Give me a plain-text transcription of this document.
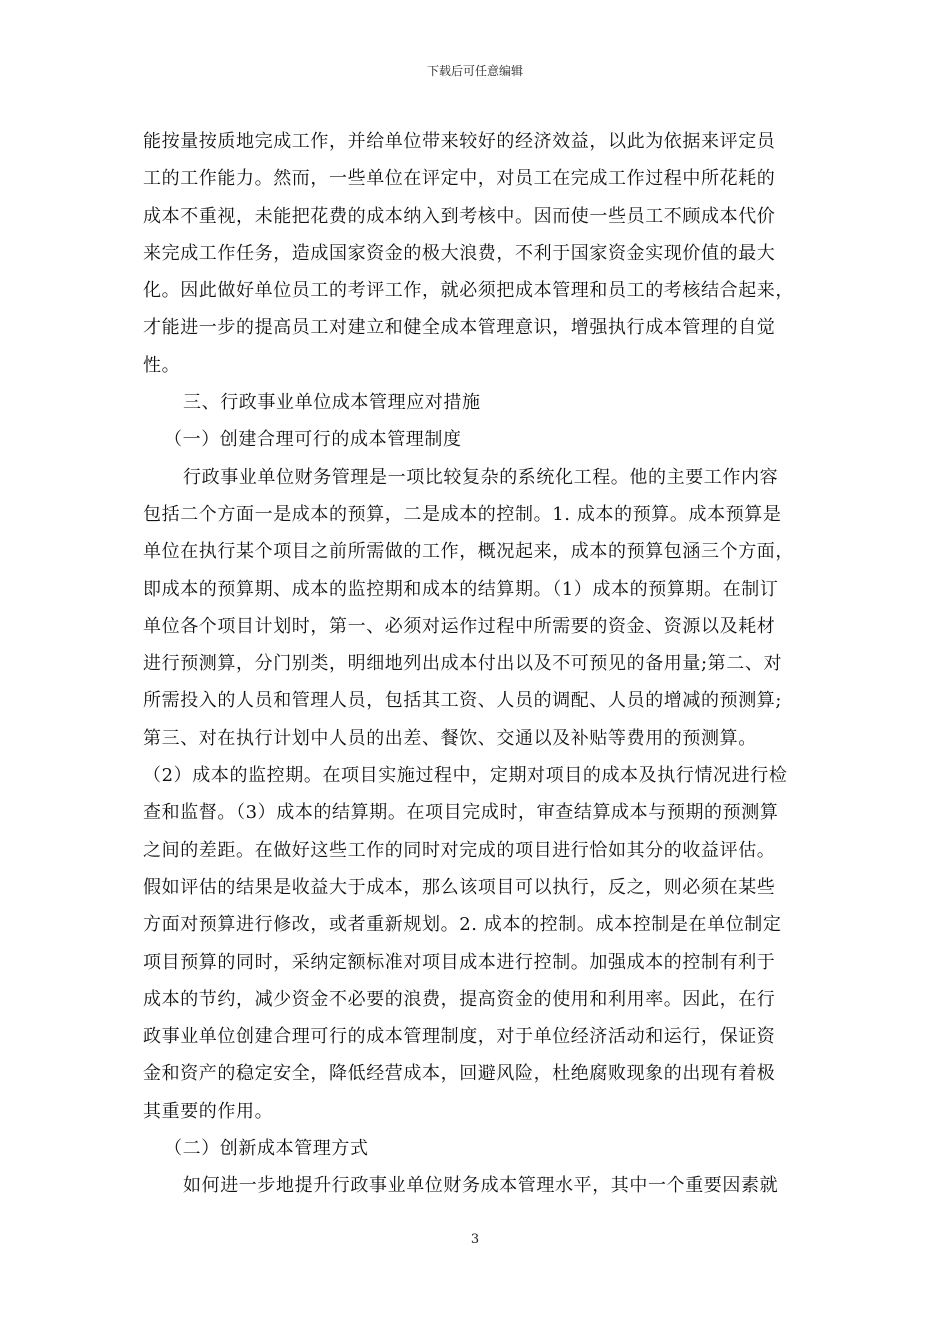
下载后可任意编辑
能按量按质地完成工作，并给单位带来较好的经济效益，以此为依据来评定员
工的工作能力。然而，一些单位在评定中，对员工在完成工作过程中所花耗的
成本不重视，未能把花费的成本纳入到考核中。因而使一些员工不顾成本代价
来完成工作任务，造成国家资金的极大浪费，不利于国家资金实现价值的最大
化。因此做好单位员工的考评工作，就必须把成本管理和员工的考核结合起来，
才能进一步的提高员工对建立和健全成本管理意识，增强执行成本管理的自觉
性。
三、行政事业单位成本管理应对措施
（一）创建合理可行的成本管理制度
行政事业单位财务管理是一项比较复杂的系统化工程。他的主要工作内容
包括二个方面一是成本的预算，二是成本的控制。1. 成本的预算。成本预算是
单位在执行某个项目之前所需做的工作，概况起来，成本的预算包涵三个方面，
即成本的预算期、成本的监控期和成本的结算期。（1）成本的预算期。在制订
单位各个项目计划时，第一、必须对运作过程中所需要的资金、资源以及耗材
进行预测算，分门别类，明细地列出成本付出以及不可预见的备用量;第二、对
所需投入的人员和管理人员，包括其工资、人员的调配、人员的增减的预测算;
第三、对在执行计划中人员的出差、餐饮、交通以及补贴等费用的预测算。
（2）成本的监控期。在项目实施过程中，定期对项目的成本及执行情况进行检
查和监督。（3）成本的结算期。在项目完成时，审查结算成本与预期的预测算
之间的差距。在做好这些工作的同时对完成的项目进行恰如其分的收益评估。
假如评估的结果是收益大于成本，那么该项目可以执行，反之，则必须在某些
方面对预算进行修改，或者重新规划。2. 成本的控制。成本控制是在单位制定
项目预算的同时，采纳定额标准对项目成本进行控制。加强成本的控制有利于
成本的节约，减少资金不必要的浪费，提高资金的使用和利用率。因此，在行
政事业单位创建合理可行的成本管理制度，对于单位经济活动和运行，保证资
金和资产的稳定安全，降低经营成本，回避风险，杜绝腐败现象的出现有着极
其重要的作用。
（二）创新成本管理方式
如何进一步地提升行政事业单位财务成本管理水平，其中一个重要因素就
3
